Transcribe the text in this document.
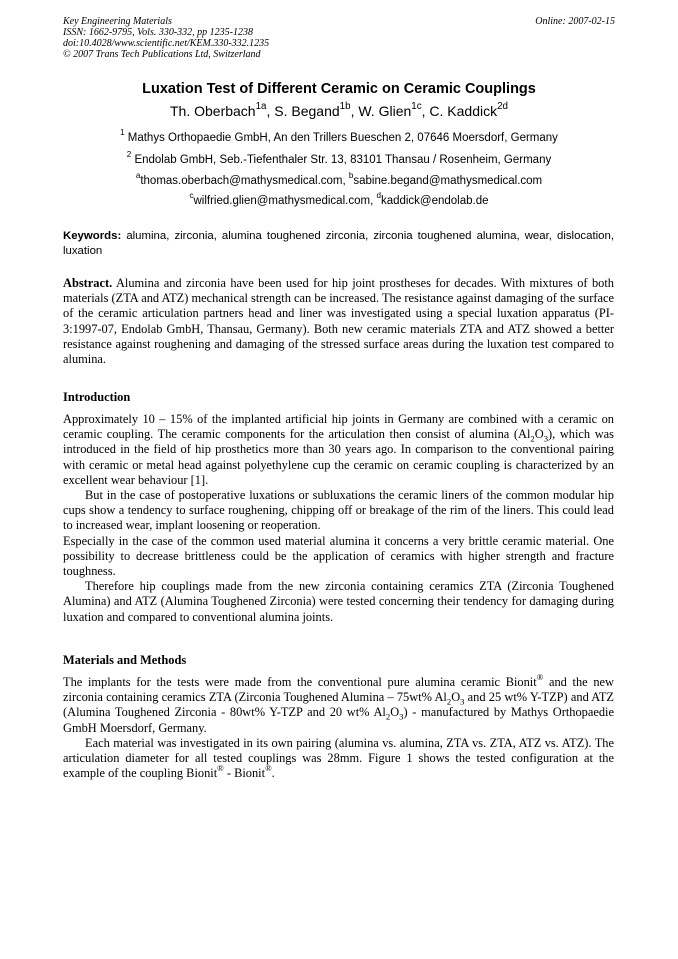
Key Engineering Materials
ISSN: 1662-9795, Vols. 330-332, pp 1235-1238
doi:10.4028/www.scientific.net/KEM.330-332.1235
© 2007 Trans Tech Publications Ltd, Switzerland
Online: 2007-02-15
Luxation Test of Different Ceramic on Ceramic Couplings
Th. Oberbach$^{1a}$, S. Begand$^{1b}$, W. Glien$^{1c}$, C. Kaddick$^{2d}$
$^1$ Mathys Orthopaedie GmbH, An den Trillers Bueschen 2, 07646 Moersdorf, Germany
$^2$ Endolab GmbH, Seb.-Tiefenthaler Str. 13, 83101 Thansau / Rosenheim, Germany
$^a$thomas.oberbach@mathysmedical.com, $^b$sabine.begand@mathysmedical.com
$^c$wilfried.glien@mathysmedical.com, $^d$kaddick@endolab.de
Keywords: alumina, zirconia, alumina toughened zirconia, zirconia toughened alumina, wear, dislocation, luxation

Abstract. Alumina and zirconia have been used for hip joint prostheses for decades. With mixtures of both materials (ZTA and ATZ) mechanical strength can be increased. The resistance against damaging of the surface of the ceramic articulation partners head and liner was investigated using a special luxation apparatus (PI-3:1997-07, Endolab GmbH, Thansau, Germany). Both new ceramic materials ZTA and ATZ showed a better resistance against roughening and damaging of the stressed surface areas during the luxation test compared to alumina.

Introduction

Approximately 10 – 15% of the implanted artificial hip joints in Germany are combined with a ceramic on ceramic coupling. The ceramic components for the articulation then consist of alumina $(Al_2O_3)$, which was introduced in the field of hip prosthetics more than 30 years ago. In comparison to the conventional pairing with ceramic or metal head against polyethylene cup the ceramic on ceramic coupling is characterized by an excellent wear behaviour [1].

But in the case of postoperative luxations or subluxations the ceramic liners of the common modular hip cups show a tendency to surface roughening, chipping off or breakage of the rim of the liners. This could lead to increased wear, implant loosening or reoperation.

Especially in the case of the common used material alumina it concerns a very brittle ceramic material. One possibility to decrease brittleness could be the application of ceramics with higher strength and fracture toughness.

Therefore hip couplings made from the new zirconia containing ceramics ZTA (Zirconia Toughened Alumina) and ATZ (Alumina Toughened Zirconia) were tested concerning their tendency for damaging during luxation and compared to conventional alumina joints.

Materials and Methods

The implants for the tests were made from the conventional pure alumina ceramic Bionit® and the new zirconia containing ceramics ZTA (Zirconia Toughened Alumina – 75wt% $Al_2O_3$ and 25 wt% Y-TZP) and ATZ (Alumina Toughened Zirconia - 80wt% Y-TZP and 20 wt% $Al_2O_3$) - manufactured by Mathys Orthopaedie GmbH Moersdorf, Germany.

Each material was investigated in its own pairing (alumina vs. alumina, ZTA vs. ZTA, ATZ vs. ATZ). The articulation diameter for all tested couplings was 28mm. Figure 1 shows the tested configuration at the example of the coupling Bionit® - Bionit®.
